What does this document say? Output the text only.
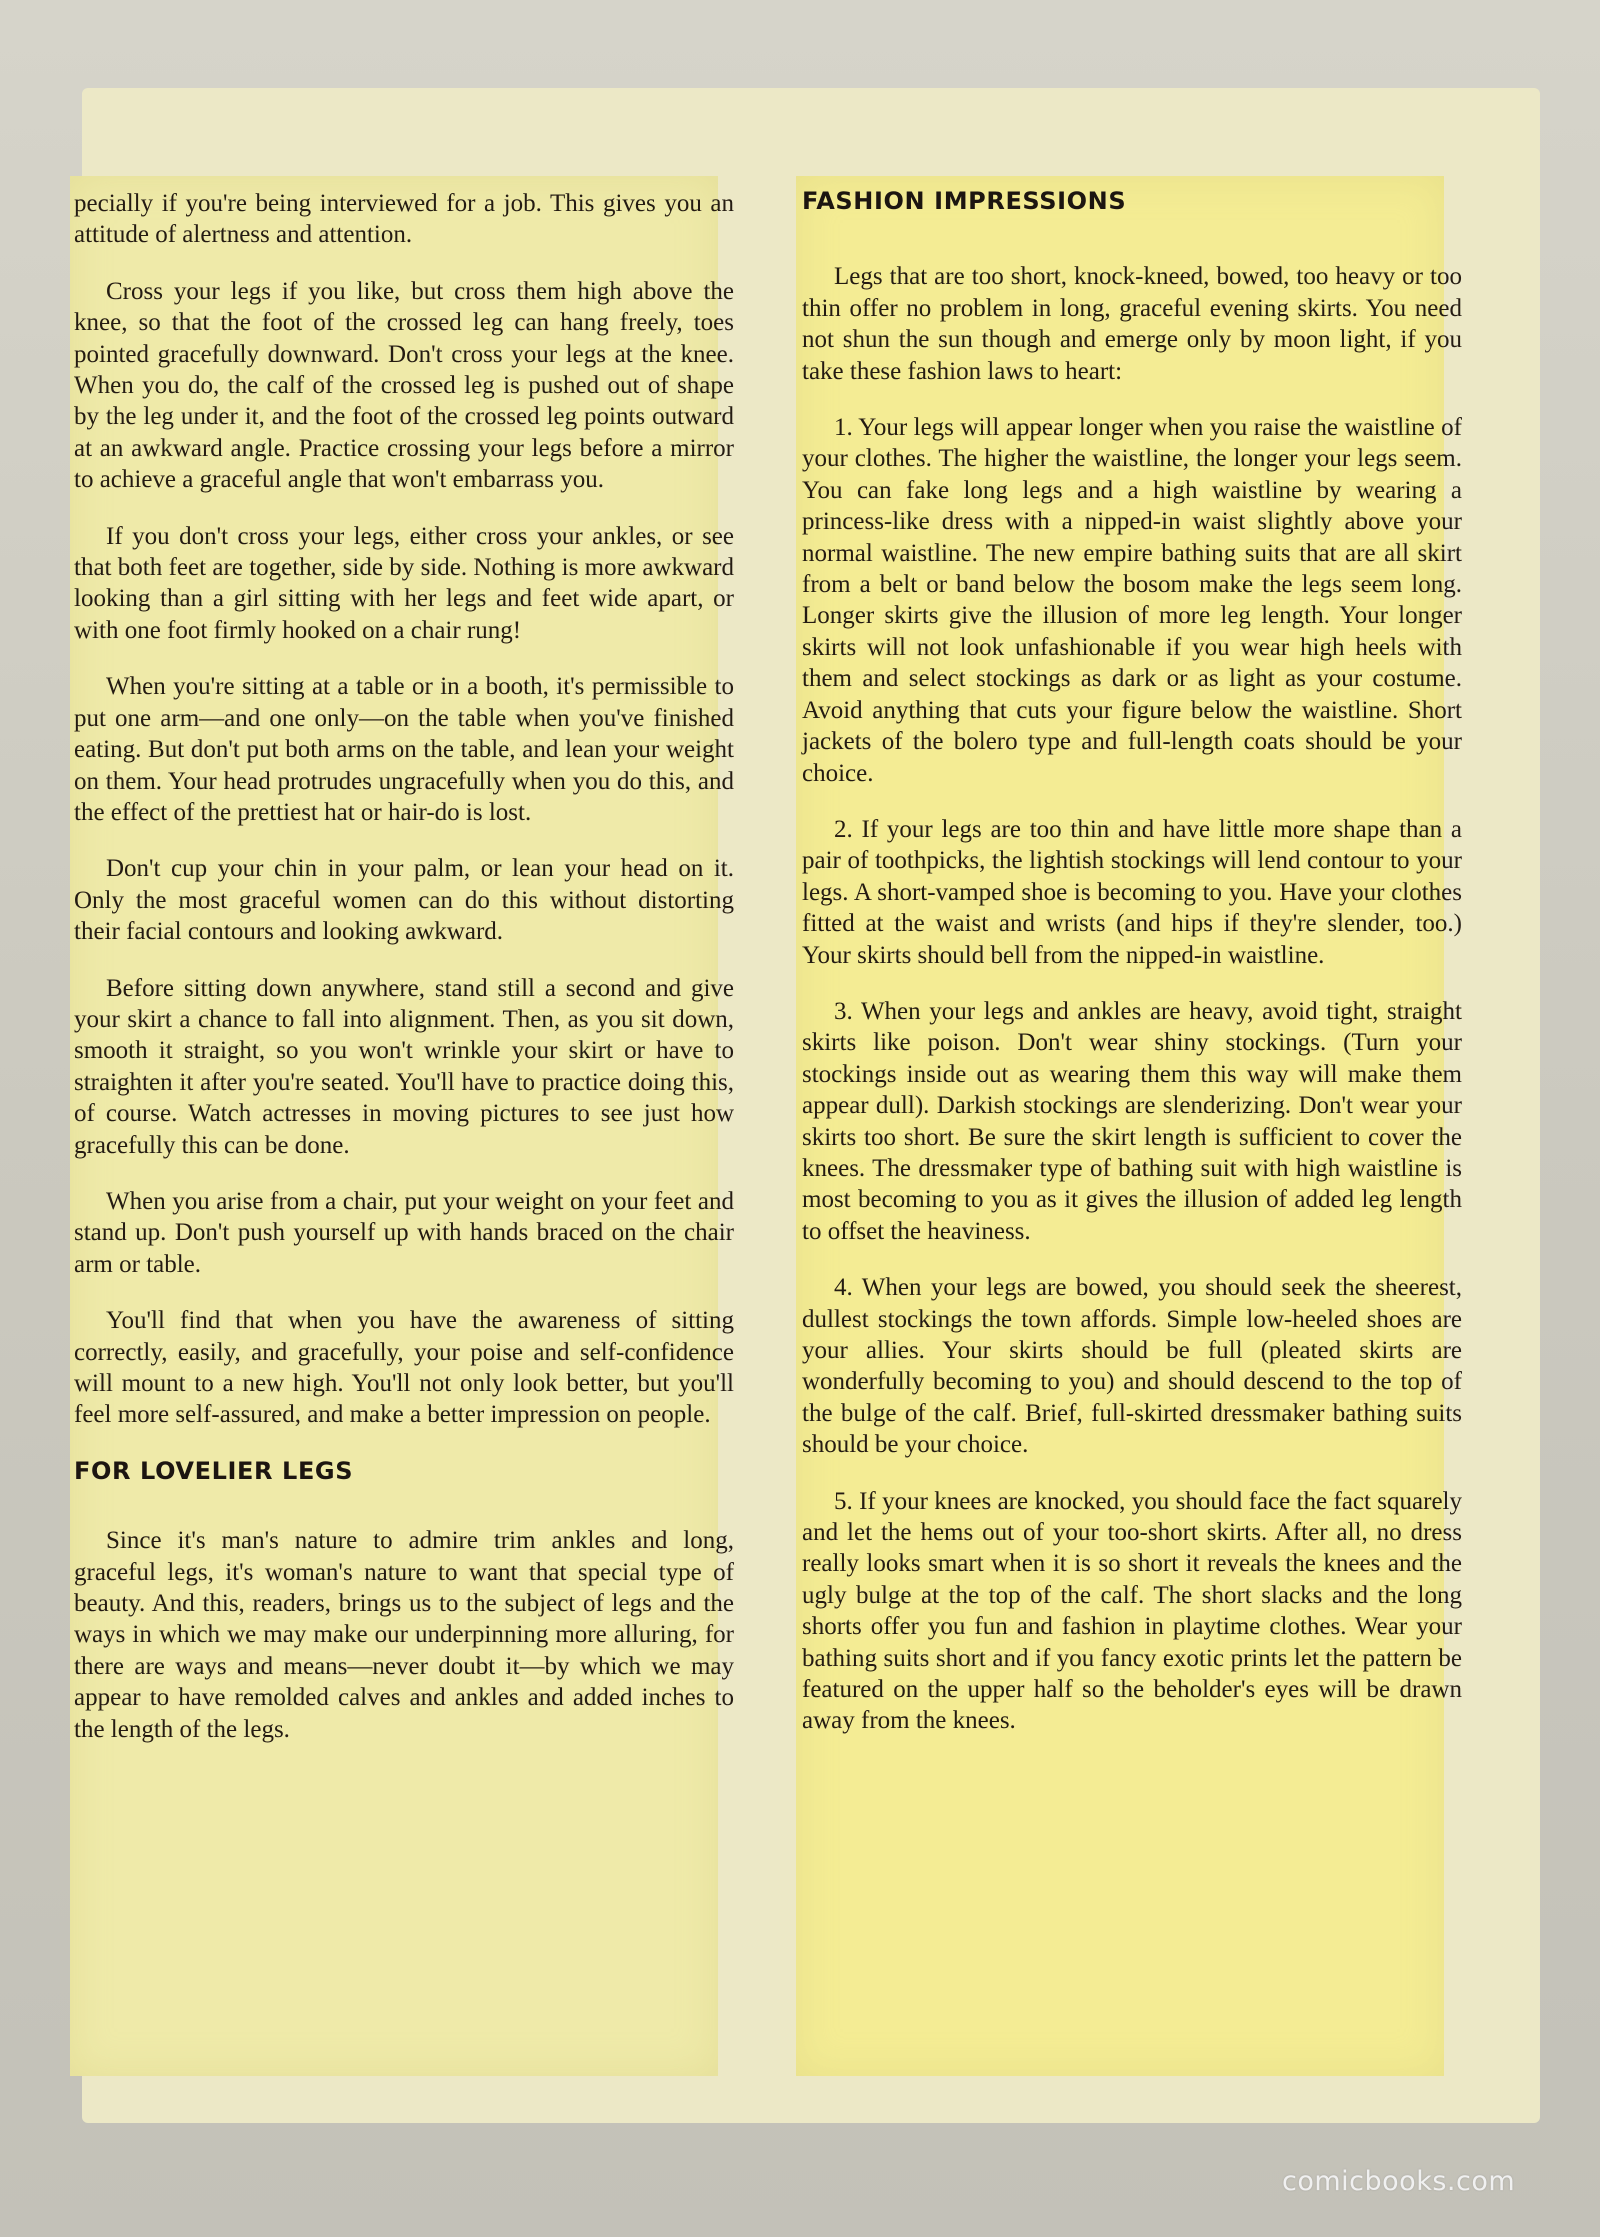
pecially if you're being interviewed for a job. This gives you an attitude of alertness and attention.

Cross your legs if you like, but cross them high above the knee, so that the foot of the crossed leg can hang freely, toes pointed gracefully downward. Don't cross your legs at the knee. When you do, the calf of the crossed leg is pushed out of shape by the leg under it, and the foot of the crossed leg points outward at an awkward angle. Practice crossing your legs before a mirror to achieve a graceful angle that won't embarrass you.

If you don't cross your legs, either cross your ankles, or see that both feet are together, side by side. Nothing is more awkward looking than a girl sitting with her legs and feet wide apart, or with one foot firmly hooked on a chair rung!

When you're sitting at a table or in a booth, it's permissible to put one arm—and one only—on the table when you've finished eating. But don't put both arms on the table, and lean your weight on them. Your head protrudes ungracefully when you do this, and the effect of the prettiest hat or hair-do is lost.

Don't cup your chin in your palm, or lean your head on it. Only the most graceful women can do this without distorting their facial contours and looking awkward.

Before sitting down anywhere, stand still a second and give your skirt a chance to fall into alignment. Then, as you sit down, smooth it straight, so you won't wrinkle your skirt or have to straighten it after you're seated. You'll have to practice doing this, of course. Watch actresses in moving pictures to see just how gracefully this can be done.

When you arise from a chair, put your weight on your feet and stand up. Don't push yourself up with hands braced on the chair arm or table.

You'll find that when you have the awareness of sitting correctly, easily, and gracefully, your poise and self-confidence will mount to a new high. You'll not only look better, but you'll feel more self-assured, and make a better impression on people.

FOR LOVELIER LEGS

Since it's man's nature to admire trim ankles and long, graceful legs, it's woman's nature to want that special type of beauty. And this, readers, brings us to the subject of legs and the ways in which we may make our underpinning more alluring, for there are ways and means—never doubt it—by which we may appear to have remolded calves and ankles and added inches to the length of the legs.

FASHION IMPRESSIONS

Legs that are too short, knock-kneed, bowed, too heavy or too thin offer no problem in long, graceful evening skirts. You need not shun the sun though and emerge only by moon light, if you take these fashion laws to heart:

1. Your legs will appear longer when you raise the waistline of your clothes. The higher the waistline, the longer your legs seem. You can fake long legs and a high waistline by wearing a princess-like dress with a nipped-in waist slightly above your normal waistline. The new empire bathing suits that are all skirt from a belt or band below the bosom make the legs seem long. Longer skirts give the illusion of more leg length. Your longer skirts will not look unfashionable if you wear high heels with them and select stockings as dark or as light as your costume. Avoid anything that cuts your figure below the waistline. Short jackets of the bolero type and full-length coats should be your choice.

2. If your legs are too thin and have little more shape than a pair of toothpicks, the lightish stockings will lend contour to your legs. A short-vamped shoe is becoming to you. Have your clothes fitted at the waist and wrists (and hips if they're slender, too.) Your skirts should bell from the nipped-in waistline.

3. When your legs and ankles are heavy, avoid tight, straight skirts like poison. Don't wear shiny stockings. (Turn your stockings inside out as wearing them this way will make them appear dull). Darkish stockings are slenderizing. Don't wear your skirts too short. Be sure the skirt length is sufficient to cover the knees. The dressmaker type of bathing suit with high waistline is most becoming to you as it gives the illusion of added leg length to offset the heaviness.

4. When your legs are bowed, you should seek the sheerest, dullest stockings the town affords. Simple low-heeled shoes are your allies. Your skirts should be full (pleated skirts are wonderfully becoming to you) and should descend to the top of the bulge of the calf. Brief, full-skirted dressmaker bathing suits should be your choice.

5. If your knees are knocked, you should face the fact squarely and let the hems out of your too-short skirts. After all, no dress really looks smart when it is so short it reveals the knees and the ugly bulge at the top of the calf. The short slacks and the long shorts offer you fun and fashion in playtime clothes. Wear your bathing suits short and if you fancy exotic prints let the pattern be featured on the upper half so the beholder's eyes will be drawn away from the knees.

comicbooks.com
